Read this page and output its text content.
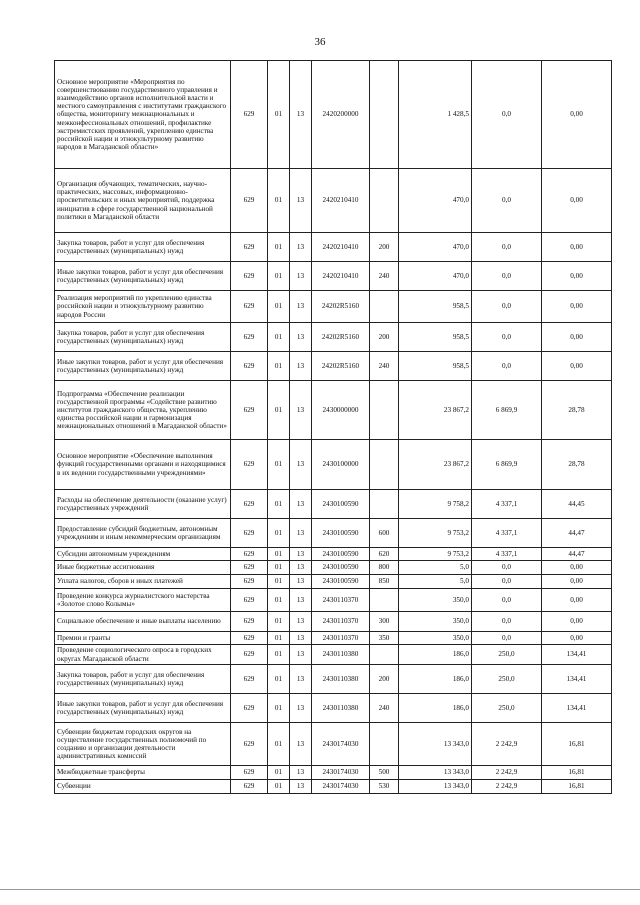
36
Основное мероприятие «Мероприятия по совершенствованию государственного управления и взаимодействию органов исполнительной власти и местного самоуправления с институтами гражданского общества, мониторингу межнациональных и межконфессиональных отношений, профилактике экстремистских проявлений, укреплению единства российской нации и этнокультурному развитию народов в Магаданской области»	629	01	13	2420200000		1 428,5	0,0	0,00
Организация обучающих, тематических, научно-практических, массовых, информационно-просветительских и иных мероприятий, поддержка инициатив в сфере государственной национальной политики в Магаданской области	629	01	13	2420210410		470,0	0,0	0,00
Закупка товаров, работ и услуг для обеспечения государственных (муниципальных) нужд	629	01	13	2420210410	200	470,0	0,0	0,00
Иные закупки товаров, работ и услуг для обеспечения государственных (муниципальных) нужд	629	01	13	2420210410	240	470,0	0,0	0,00
Реализация мероприятий по укреплению единства российской нации и этнокультурному развитию народов России	629	01	13	24202R5160		958,5	0,0	0,00
Закупка товаров, работ и услуг для обеспечения государственных (муниципальных) нужд	629	01	13	24202R5160	200	958,5	0,0	0,00
Иные закупки товаров, работ и услуг для обеспечения государственных (муниципальных) нужд	629	01	13	24202R5160	240	958,5	0,0	0,00
Подпрограмма «Обеспечение реализации государственной программы «Содействие развитию институтов гражданского общества, укреплению единства российской нации и гармонизация межнациональных отношений в Магаданской области»	629	01	13	2430000000		23 867,2	6 869,9	28,78
Основное мероприятие «Обеспечение выполнения функций государственными органами и находящимися в их ведении государственными учреждениями»	629	01	13	2430100000		23 867,2	6 869,9	28,78
Расходы на обеспечение деятельности (оказание услуг) государственных учреждений	629	01	13	2430100590		9 758,2	4 337,1	44,45
Предоставление субсидий бюджетным, автономным учреждениям и иным некоммерческим организациям	629	01	13	2430100590	600	9 753,2	4 337,1	44,47
Субсидии автономным учреждениям	629	01	13	2430100590	620	9 753,2	4 337,1	44,47
Иные бюджетные ассигнования	629	01	13	2430100590	800	5,0	0,0	0,00
Уплата налогов, сборов и иных платежей	629	01	13	2430100590	850	5,0	0,0	0,00
Проведение конкурса журналистского мастерства «Золотое слово Колымы»	629	01	13	2430110370		350,0	0,0	0,00
Социальное обеспечение и иные выплаты населению	629	01	13	2430110370	300	350,0	0,0	0,00
Премии и гранты	629	01	13	2430110370	350	350,0	0,0	0,00
Проведение социологического опроса в городских округах Магаданской области	629	01	13	2430110380		186,0	250,0	134,41
Закупка товаров, работ и услуг для обеспечения государственных (муниципальных) нужд	629	01	13	2430110380	200	186,0	250,0	134,41
Иные закупки товаров, работ и услуг для обеспечения государственных (муниципальных) нужд	629	01	13	2430110380	240	186,0	250,0	134,41
Субвенции бюджетам городских округов на осуществление государственных полномочий по созданию и организации деятельности административных комиссий	629	01	13	2430174030		13 343,0	2 242,9	16,81
Межбюджетные трансферты	629	01	13	2430174030	500	13 343,0	2 242,9	16,81
Субвенции	629	01	13	2430174030	530	13 343,0	2 242,9	16,81
